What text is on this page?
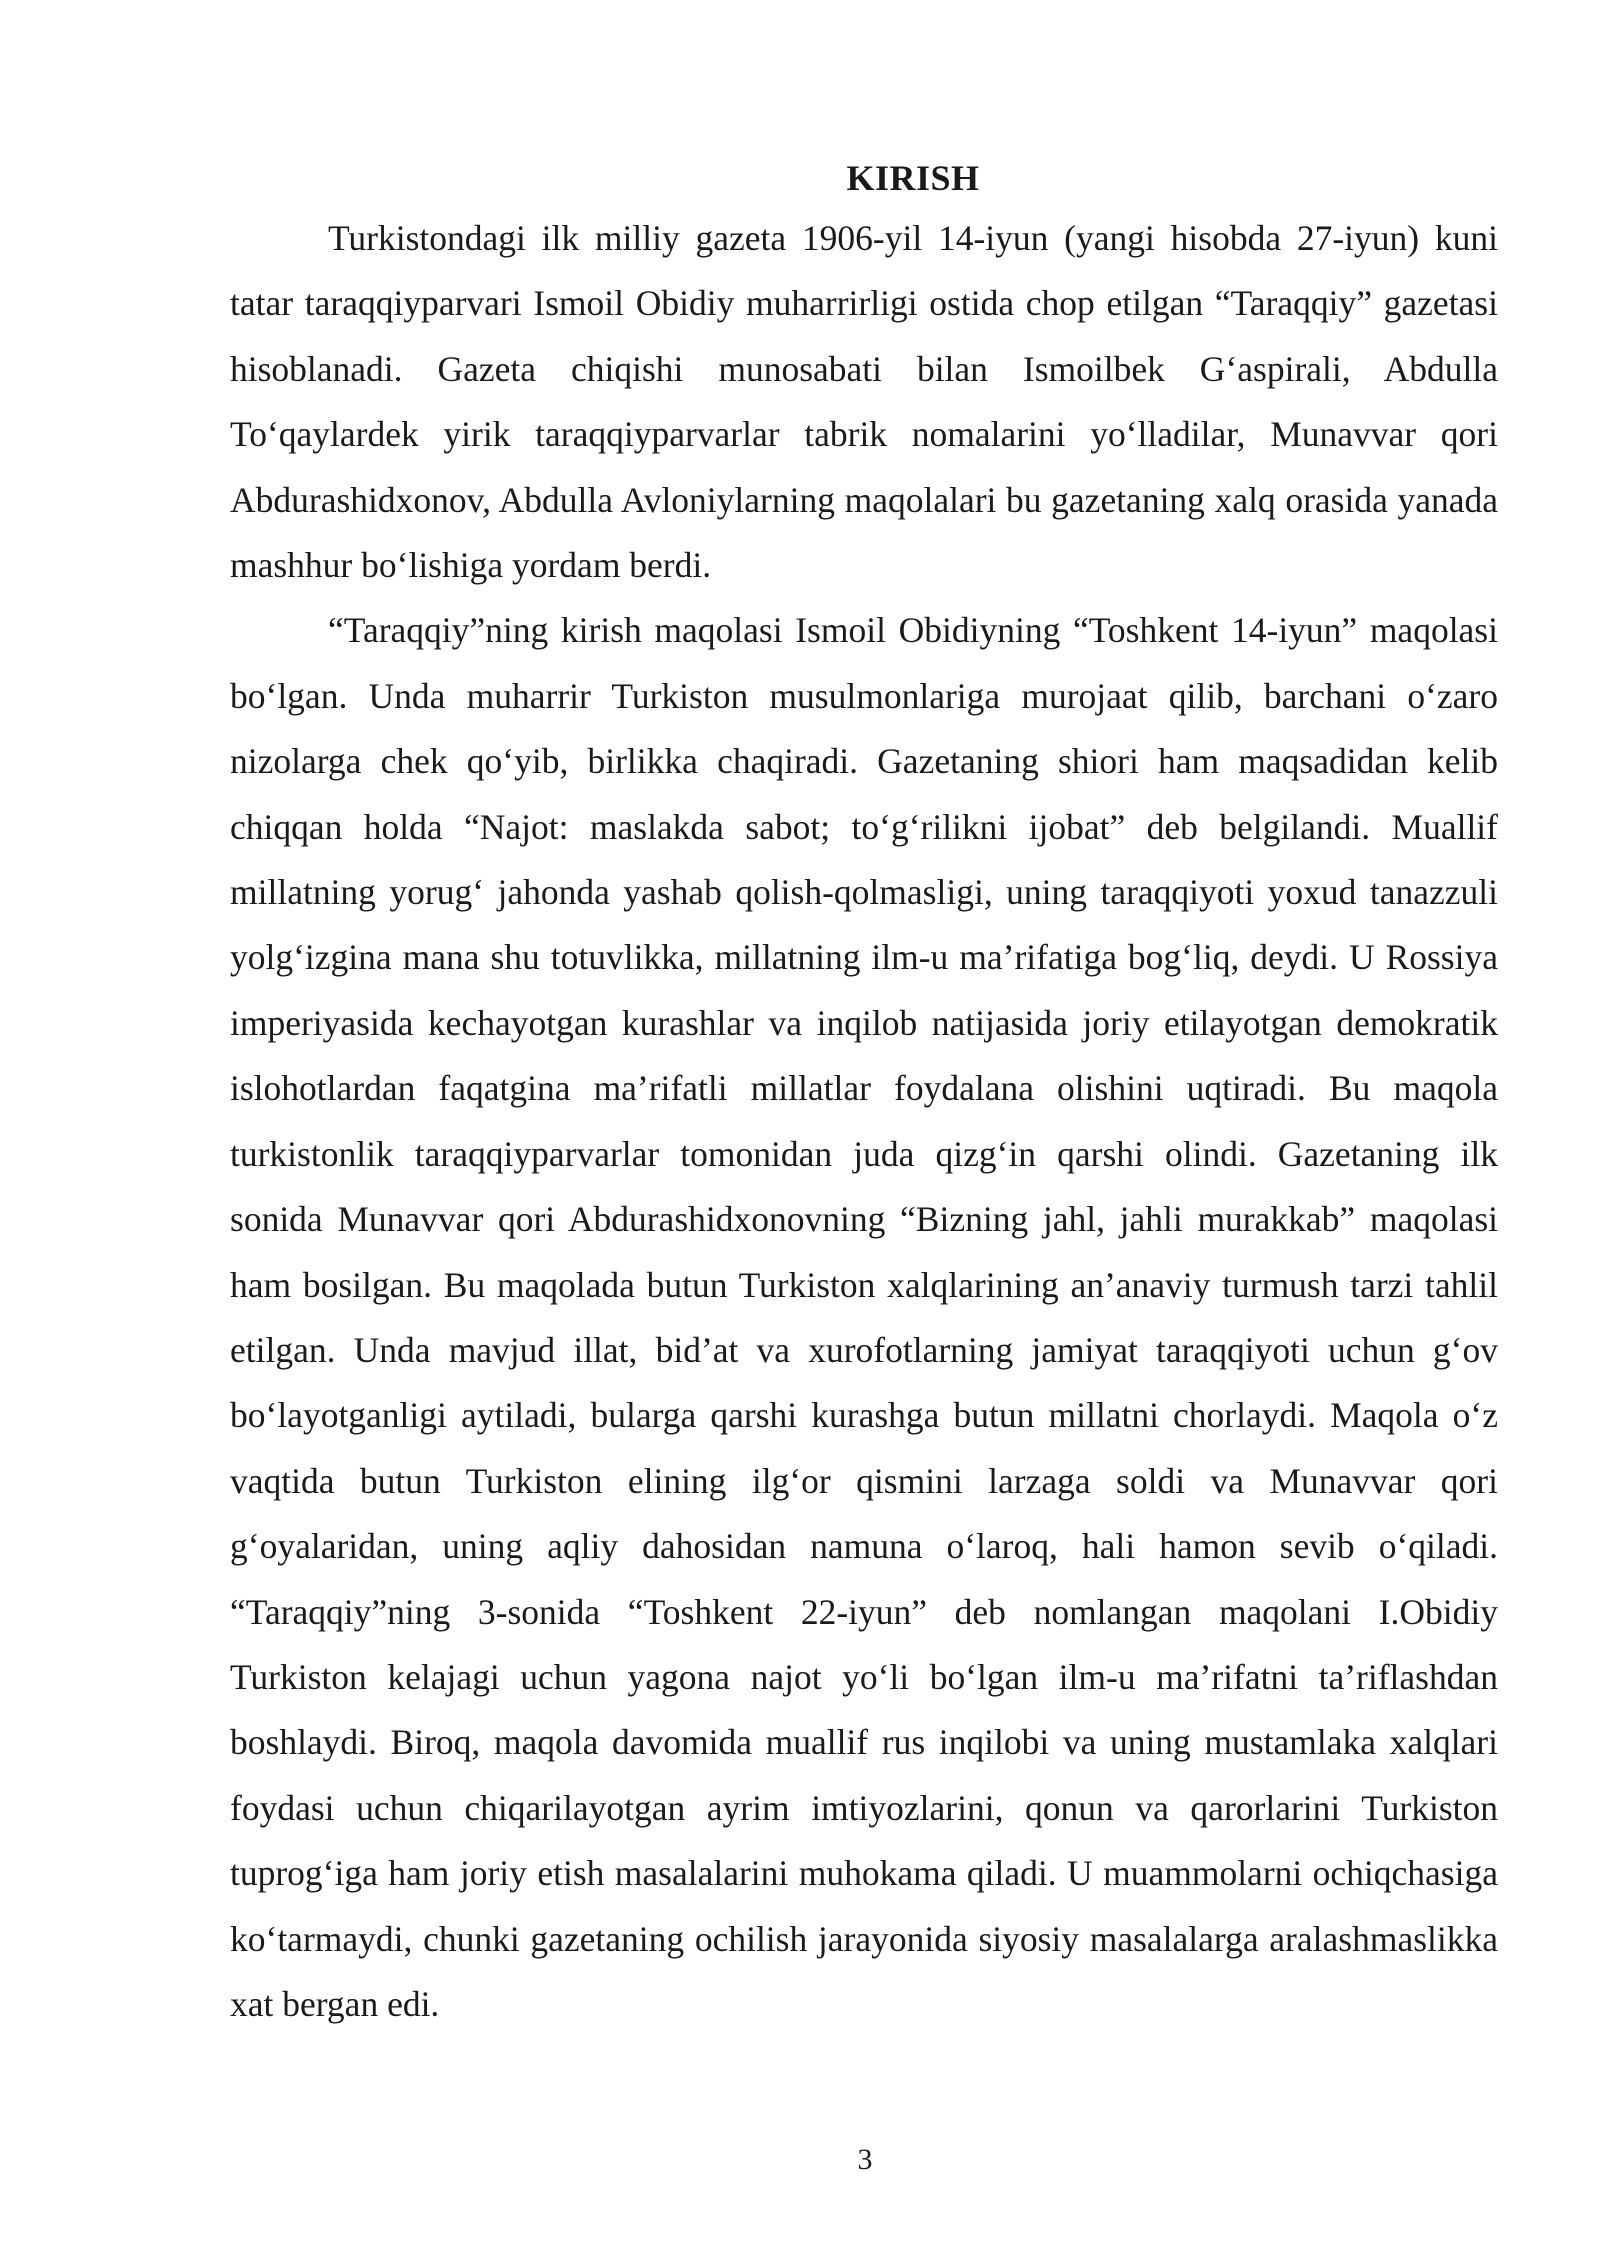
KIRISH

Turkistondagi ilk milliy gazeta 1906-yil 14-iyun (yangi hisobda 27-iyun) kuni tatar taraqqiyparvari Ismoil Obidiy muharrirligi ostida chop etilgan “Taraqqiy” gazetasi hisoblanadi. Gazeta chiqishi munosabati bilan Ismoilbek G‘aspirali, Abdulla To‘qaylardek yirik taraqqiyparvarlar tabrik nomalarini yo‘lladilar, Munavvar qori Abdurashidxonov, Abdulla Avloniylarning maqolalari bu gazetaning xalq orasida yanada mashhur bo‘lishiga yordam berdi.

“Taraqqiy”ning kirish maqolasi Ismoil Obidiyning “Toshkent 14-iyun” maqolasi bo‘lgan. Unda muharrir Turkiston musulmonlariga murojaat qilib, barchani o‘zaro nizolarga chek qo‘yib, birlikka chaqiradi. Gazetaning shiori ham maqsadidan kelib chiqqan holda “Najot: maslakda sabot; to‘g‘rilikni ijobat” deb belgilandi. Muallif millatning yorug‘ jahonda yashab qolish-qolmasligi, uning taraqqiyoti yoxud tanazzuli yolg‘izgina mana shu totuvlikka, millatning ilm-u ma’rifatiga bog‘liq, deydi. U Rossiya imperiyasida kechayotgan kurashlar va inqilob natijasida joriy etilayotgan demokratik islohotlardan faqatgina ma’rifatli millatlar foydalana olishini uqtiradi. Bu maqola turkistonlik taraqqiyparvarlar tomonidan juda qizg‘in qarshi olindi. Gazetaning ilk sonida Munavvar qori Abdurashidxonovning “Bizning jahl, jahli murakkab” maqolasi ham bosilgan. Bu maqolada butun Turkiston xalqlarining an’anaviy turmush tarzi tahlil etilgan. Unda mavjud illat, bid’at va xurofotlarning jamiyat taraqqiyoti uchun g‘ov bo‘layotganligi aytiladi, bularga qarshi kurashga butun millatni chorlaydi. Maqola o‘z vaqtida butun Turkiston elining ilg‘or qismini larzaga soldi va Munavvar qori g‘oyalaridan, uning aqliy dahosidan namuna o‘laroq, hali hamon sevib o‘qiladi. “Taraqqiy”ning 3-sonida “Toshkent 22-iyun” deb nomlangan maqolani I.Obidiy Turkiston kelajagi uchun yagona najot yo‘li bo‘lgan ilm-u ma’rifatni ta’riflashdan boshlaydi. Biroq, maqola davomida muallif rus inqilobi va uning mustamlaka xalqlari foydasi uchun chiqarilayotgan ayrim imtiyozlarini, qonun va qarorlarini Turkiston tuprog‘iga ham joriy etish masalalarini muhokama qiladi. U muammolarni ochiqchasiga ko‘tarmaydi, chunki gazetaning ochilish jarayonida siyosiy masalalarga aralashmaslikka xat bergan edi.

3
